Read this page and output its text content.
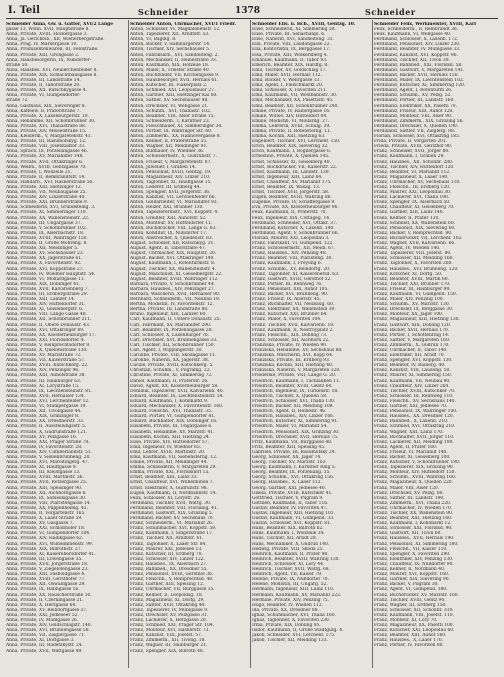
I. Teil	Schneider	1378	Schneider
Schneider Anna, Gw. u. Gatter, XVI/2 Lange
gasse 13, Wohn. XVII, Hauptstraße 8.
Anna, Private, XVIII, Hockergasse 3.
Anna, Ja. Gerichtsb., XII, Wienerbergstraße.
Anna, Prag. IV, Marxergasse 10.
Anna, Produzentenwaren, III, Feldstraße.
Anna, Private, XIII, Grohgasse 2.
Anna, Hausbesorgerin, IX, Nußdorfer-
straße 50.
Anna, Hausbes. XVI, Neulerchenfelder 8.
Anna, Private, XIX, Schlachthausgasse 8.
Anna, Private, III, Landstraße 14.
Anna, Private, II, Taborstraße 20.
Anna, Private, XII, Ratschkygasse 4.
Anna, Private, VI, Gumpendorfer-
straße 72.
Anna, Gasthaus, XIX, Sieveringer 8.
Anna, Kaffeew. II, Praterstraße 7.
Anna, Private, X, Laxenburgerstr. 10.
Anna, Hebamme, XII, Schönbrunner 30.
Anna, Private, XVI, Thaliastraße 88.
Anna, Private, XIV, Meiselstraße 15.
Anna, Kleiderm., V, Margaretenstr. 41.
Anna, Private, III, Rasumofskyg. 12.
Anna, Private, VIII, Josefstädter 33.
Anna, Sprach. IX, Porzellangasse 46.
Anna, Private, XV, Mariahilfer 148.
Anna, Private, XVII, Ottakringer 6.
Anna, Weißn., XVIII, Gentzgasse 70.
Anna, Private, I, Wollzeile 21.
Anna, Private, II, Rembrandtstr. 14.
Anna, Handarb., XVI, Hasnerstraße 56.
Anna, Private, XIII, Hietzinger 12.
Anna, Private, VII, Neubaugasse 25.
Anna, Private, XIV, Linzerstraße 40.
Anna, Private, XXI, Brünnerstraße 9.
Anna, Schneiderin, XVI, Grundsteing. 3.
Anna, Private, XI, Simmeringer 110.
Anna, Private, XX, Wallensteinstr. 22.
Anna, Private, III, Ungargasse 37.
Anna, Private, V, Schönbrunner 102.
Anna, Private, IX, Alserbachstr. 18.
Anna, Private, XVIII, Währinger 150.
Anna, Private, II, Große Mohreng. 8.
Anna, Private, XII, Meidlinger 5.
Anna, Private, XV, Sechshauser 23.
Anna, Private, XX, Jägerstraße 61.
Anna, Private, X, Favoritenstr. 92.
Anna, Private, XVI, Koppstraße 27.
Anna, Private, IV, Wiedner Hauptstr. 54.
Anna, Private, VI, Mollardgasse 11.
Anna, Private, XIX, Döblinger 41.
Anna, Private, XVII, Kalvarienberg 7.
Anna, Private, III, Erdbergstraße 29.
Anna, Private, XIII, Lainzer 14.
Anna, Private, XIV, Hütteldorfer 31.
Anna, Private, XI, Geiselbergstr. 6.
Anna, Private, VIII, Lange Gasse 48.
Anna, Private, XII, Schönbrunner 211.
Anna, Private, II, Obere Donaustr. 43.
Anna, Private, XVI, Ottakringer 89.
Anna, Private, XX, Klosterneuburger 17.
Anna, Private, XXI, Floridsdorfer 4.
Anna, Private, V, Reinprechtsdorfer 9.
Anna, Private, X, Quellenstraße 130.
Anna, Private, XV, Märzstraße 72.
Anna, Private, VII, Kaiserstraße 57.
Anna, Private, XVIII, Kutschkerg. 22.
Anna, Private, XIV, Penzinger 96.
Anna, Private, XIII, Auhofstraße 38.
Anna, Private, III, Hainburger 63.
Anna, Private, XI, Lorystraße 15.
Anna, Private, IX, Liechtensteinstr. 81.
Anna, Private, XVII, Hernalser 134.
Anna, Private, XVI, Lerchenfelder 12.
Anna, Private, VI, Stumpergasse 19.
Anna, Private, XII, Tivoligasse 44.
Anna, Private, XIX, Grinzinger 8.
Anna, Private, XX, Dresdnerstr. 33.
Anna, Private, II, Ausstellungsstr. 5.
Anna, Private, X, Gudrunstraße 121.
Anna, Private, XV, Pelzgasse 16.
Anna, Private, XXI, Prager Straße 70.
Anna, Private, IV, Favoritenstr. 28.
Anna, Private, XIV, Cumberlandstr. 51.
Anna, Private, V, Siebenbrunneng. 20.
Anna, Private, XVI, Maroltingerg. 47.
Anna, Private, XI, Hauffgasse 9.
Anna, Private, III, Kleistgasse 13.
Anna, Private, XVIII, Martinstr. 36.
Anna, Private, XVII, Rötzergasse 25.
Anna, Private, XIII, Speisinger 90.
Anna, Private, XII, Aichhorngasse 8.
Anna, Private, IX, Sobieskigasse 30.
Anna, Private, VIII, Piaristengasse 14.
Anna, Private, XX, Pappenheimg. 42.
Anna, Private, II, Vorgartenstr. 165.
Anna, Private, X, Laaer Straße 59.
Anna, Private, XV, Gasgasse 7.
Anna, Private, XXI, Schloßhofer 18.
Anna, Private, VI, Gumpendorfer 104.
Anna, Private, XIV, Hadikgasse 62.
Anna, Private, XVI, Wilhelminenstr. 99.
Anna, Private, XIX, Billrothstr. 27.
Anna, Private, XI, Kaiserebersdorfer 41.
Anna, Private, III, Löwengasse 35.
Anna, Private, XVII, Jörgerstraße 18.
Anna, Private, V, Ziegelofengasse 23.
Anna, Private, XIII, Fasholdgasse 4.
Anna, Private, XVIII, Gersthofer 77.
Anna, Private, XII, Oswaldgasse 29.
Anna, Private, IX, Hahngasse 16.
Anna, Private, XX, Rauscherstraße 10.
Anna, Private, II, Czerningasse 21.
Anna, Private, X, Herzgasse 64.
Anna, Private, XV, Reindorfgasse 37.
Anna, Private, XXI, Jedleseer 52.
Anna, Private, IV, Mühlgasse 26.
Anna, Private, XIV, Goldschlagstr. 140.
Anna, Private, XVI, Brunnengasse 58.
Anna, Private, VII, Zieglergasse 71.
Anna, Private, XI, Dorfgasse 3.
Anna, Private, III, Radetzkystr. 24.
Anna, Private, XVII, Wattgasse 49.
Schneider Anton, Uhrmacher, XVI/1 Friedr.
Anton, Schlosser, VI, Magdalenenstr. 12.
Anton, Tapezierer, XII, Arndtstr. 53.
Anton, VI, Bägdlg. 8.
Anton, Bäcker, V, Hamburgerstr. 14.
Anton, Tischler, XIV, Sechshauser 5.
Anton, Fabriksarb., XVI, Sandleiteng. 2.
Anton, Mechaniker, II, Heinestraße 33.
Anton, Kaufmann, XIX, Hofzeile 18.
Anton, Maler, X, Triester Straße 40.
Anton, Buchbinder, VII, Kirchengasse 9.
Anton, Hausbesorger, XVII, Hernals 61.
Anton, Kutscher, III, Fiakerplatz 2.
Anton, Schmied, XXI, Leopoldauer 27.
Anton, Gärtner, XIII, Hietzinger Kai 80.
Anton, Sattler, XV, Sechshauser 48.
Anton, Drechsler, VI, Webgasse 21.
Anton, Schuhm., XVI, Thaliastr. 102.
Anton, Beamter, VIII, Alser Straße 15.
Anton, Schneiderm., I, Kärntner 23.
Anton, Fleischhauer, XI, Simmeringer 34.
Anton, Portier, IX, Währinger Str. 60.
Anton, Zimmerm., XX, Hannovergasse 8.
Anton, Kellner, II, Praterstraße 55.
Anton, Wagner, XII, Meidlinger 91.
Anton, Bildhauer, IV, Wiedner 36.
Anton, Schlossermstr., X, Gudrunstr. 7.
Anton, Friseur, V, Margaretenstr. 87.
Anton, Juwelier, I, Graben 14.
Anton, Pensionist, XVIII, Gentzg. 19.
Anton, Magazineur, XIV, Linzer 210.
Anton, Taglöhner, XI, Hauffgasse 15.
Anton, Lederer, III, Erdberg 44.
Anton, Spengler, XVII, Jörgerstr. 36.
Anton, Kanzlist, VII, Lerchenfelder 66.
Anton, Goldarbeiter, VI, Mariahilfer 93.
Anton, Heizer, XXI, Brünner 130.
Anton, Tapezierermstr., XVI, Koppstr. 4.
Anton, Greißler, XIII, Auhofstr. 52.
Anton, Monteur, XV, Hütteldorfer 11.
Anton, Buchdrucker, VIII, Lange G. 63.
Anton, Konditor, IX, Nußdorfer 17.
Anton, Anstreicher, X, Quellenstr. 83.
August, Schlosser, XII, Ratschkyg. 31.
August, Agent, II, Taborstraße 47.
August, Uhrmacher, XIX, Hauptstr. 20.
August, Bäcker, XVI, Ottakringer 140.
August, Kaufmann, I, Rotenturmstr. 8.
August, Tischler, XX, Wallensteinstr. 4.
August, Maschinist, XI, Geiselbergstr. 22.
August, Beamter, XVIII, Währinger 112.
Barbara, Private, V, Schönbrunner 44.
Barbara, Hausbes., XIV, Penzinger 27.
Barbara, Wäscherin, XVII, Hernalser 90.
Bernhard, Schneiderm., VII, Neubau 19.
Bertha, Modistin, IV, Favoritenstr. 12.
Bertha, Private, III, Landstraße 88.
Bruno, Ingenieur, XIII, Lainzer 60.
Carl, Kaufmann, II, Untere Donaustr. 25.
Carl, Fabrikant, XV, Mariahilfer 200.
Carl, Beamter, IX, Porzellangasse 28.
Carl, Schlosser, X, Laxenburger 76.
Carl, Drechsler, XVI, Brunnengasse 33.
Carl, Tischler, XII, Schönbrunner 150.
Carl, Agent, I, Wipplingerstr. 30.
Caroline, Private, VIII, Skodagasse 11.
Caroline, Näherin, XX, Jägerstr. 38.
Cäcilie, Private, XVIII, Kutschkerg. 5.
Christian, Schuhm., V, Pilgramg. 22.
Christine, Private, XI, Simmering 72.
Daniel, Kaufmann, II, Praterstr. 26.
David, Agent, XX, Klosterneuburger 58.
Dominik, Tapezierer, XVII, Kalvarienb. 40.
Eduard, Beamter, IX, Liechtensteinstr. 54.
Eduard, Kaufmann, I, Kohlmarkt 9.
Eduard, Mechaniker, X, Favoritenstr. 160.
Eduard, Fleischh., XVI, Thaliastr. 35.
Eduard, Portier, VI, Gumpendorfer 81.
Eduard, Buchhalter, XIX, Döblinger 16.
Elisabeth, Private, III, Ungargasse 6.
Elisabeth, Hebamme, XV, Märzstr. 41.
Elisabeth, Köchin, XIII, Hietzing 24.
Elise, Private, XIV, Hütteldorfer 57.
Emil, Ingenieur, IV, Wiedner 65.
Emil, Lehrer, XVIII, Martinstr. 20.
Emil, Kaufmann, VII, Siebensterng. 12.
Emilie, Private, XII, Meidlinger 44.
Emma, Schneiderin, V, Margareten 29.
Emma, Private, XXI, Floridsdorf 15.
Ernst, Beamter, XIII, Lainz 33.
Ernst, Chauffeur, XVI, Wilhelminen 7.
Ernst, Elektriker, X, Gudrunstr. 98.
Eugen, Kaufmann, II, Nordbahnstr. 14.
Felix, Schlosser, XI, Lorystr. 26.
Ferdinand, Tischler, XVII, Wattg. 30.
Ferdinand, Beamter, VIII, Florianig. 41.
Ferdinand, Gastwirt, XIX, Grinzing 5.
Ferdinand, Bäcker, XV, Sechshaus 70.
Franz, Schneiderm., VI, Mariahilf 26.
Franz, Schuhmacher, XVI, Koppstr. 59.
Franz, Kaufmann, I, Singerstraße 17.
Franz, Tischler, XII, Arndtstr. 61.
Franz, Taglöhner, X, Laaer Str. 84.
Franz, Maurer, XXI, Jedlesee 13.
Franz, Kutscher, III, Erdberg 70.
Franz, Schlosser, XIV, Linzer 122.
Franz, Hausbes., IX, Alserbach 27.
Franz, Bahnbed., XX, Dresdner 55.
Franz, Pensionist, XVIII, Gersthof 36.
Franz, Fleischh., V, Reinprechtsd. 48.
Franz, Gärtner, XIII, Speising 12.
Franz, Uhrmacher, VII, Burggasse 35.
Franz, Kellner, II, Leopoldsg. 18.
Franz, Magazineur, XI, Dorfg. 29.
Franz, Sattler, XVII, Ottakring 44.
Franz, Tapezierer, IV, Mühlgasse 9.
Franz, Drechsler, XV, Pelzgasse 31.
Franz, Lackierer, X, Herzgasse 20.
Franz, Schmied, XXI, Prager Str. 104.
Franz, Monteur, XVI, Hasnerstr. 73.
Franz, Kanzlist, VIII, Josefst. 57.
Franz, Zimmerm., XII, Tivolig. 18.
Franz, Wagner, III, Hainburger 21.
Franz, Spengler, XIX, Billroth 48.
Schneider Elis. u. Hcb., XVIII, Gentzg. 10.
Elise, Schneiderin, XI, Simmering 59.
Elise, Private, III, Sebastianpl. 6.
Elise, Näherin, XVI, Sandleiteng. 31.
Ella, Private, VIII, Laudongasse 22.
Ella, Kontoristin, IX, Berggasse 17.
Elsa, Private, XIII, Wolkersberg 4.
Emanuel, Kaufmann, II, Tabor 93.
Emerich, Beamter, XIX, Hardtg. 8.
Emil, Tischler, XV, Goldschlag 17.
Emil, Maler, XVII, Hernals 112.
Emil, Bäcker, V, Wehrgasse 13.
Emil, Agent, I, Fleischmarkt 20.
Emil, Schlosser, X, Favoriten 211.
Emil, Kaufmann, VII, Westbahnstr. 30.
Emil, Mechaniker, XX, Pasettistr. 45.
Emil, Beamter, XII, Schönbrunner 240.
Emilie, Private, IV, Rainergasse 16.
Emilie, Witwe, XIV, Hütteldorf 84.
Emilie, Modistin, VI, Mollardg. 27.
Emma, Lehrerin, XVIII, Schulg. 39.
Emma, Private, II, Rotensterng. 11.
Emma, Köchin, XIII, Hietzing 63.
Engelbert, Tischler, XVI, Lerchenf. 150.
Erich, Beamter, XIX, Sievering 32.
Erich, Kaufmann, I, Bognergasse 6.
Ernestine, Private, X, Quellen 145.
Ernst, Schlosser, XI, Geiselberg 40.
Ernst, Buchdrucker, VII, Kaiserstr. 22.
Ernst, Kaufmann, III, Landstr. 130.
Ernst, Ingenieur, XIII, Lainz 84.
Ernst, Chauffeur, XV, Mariahilf 175.
Ernst, Beamter, IX, Wasag. 13.
Ernst, Tischler, XVII, Jörgerstr. 58.
Eugen, Beamter, XVIII, Währing 88.
Eugenie, Private, IV, Schäffergasse 9.
Eva, Private, XX, Klosterneuburger 96.
Felix, Kaufmann, II, Praterstr. 70.
Felix, Ingenieur, XIX, Cottageg. 14.
Ferdinand, Schneider, XVI, Ottakr. 37.
Ferdinand, Kutscher, X, Laxenb. 140.
Ferdinand, Agent, V, Schönbrunner 66.
Florian, Maurer, XXI, Leopoldau 3.
Franz, Fabrikant, VI, Gumpend. 122.
Franz, Schlossermstr., XII, Meidl. 67.
Franz, Hausbes., XIV, Penzing 48.
Franz, Beamter, VIII, Piaristeng. 30.
Franz, Kaufmann, I, Freyung 6.
Franz, Schuhm., XV, Reindorfg. 20.
Franz, Taglöhner, XI, Kaiserebersd. 63.
Franz, Gastwirt, XVIII, Gersthof 52.
Franz, Portier, III, Rennweg 76.
Franz, Pensionist, XIII, Auhof 105.
Franz, Bäcker, XVI, Brunneng. 90.
Franz, Friseur, IX, Alserstr. 45.
Franz, Buchhalter, VII, Neubaug. 60.
Franz, Elektriker, XX, Wallenstein 30.
Franz, Kutscher, XXI, Brünner 64.
Franz, Maler, X, Favoriten 104.
Franz, Tischler, XVII, Kalvarienb. 19.
Franz, Kaufmann, II, Nestroyplatz 2.
Franz, Fleischh., XIX, Döbling 73.
Franz, Schlosser, XII, Aichhorn 22.
Franziska, Private, IV, Wieden 90.
Franziska, Hebamme, XV, Sechshaus 88.
Franziska, Wäscherin, XVI, Kopp 64.
Franziska, Private, III, Erdberg 93.
Franziska, Köchin, XIII, Hietzing 40.
Franziska, Näherin, V, Margareten 120.
Friederike, Private, VIII, Lange G. 20.
Friedrich, Kaufmann, I, Tuchlauben 11.
Friedrich, Beamter, XVIII, Gentz 64.
Friedrich, Ingenieur, IX, Türkenstr. 18.
Friedrich, Tischler, X, Quellen 58.
Friedrich, Schlosser, XVI, Thalia 130.
Friedrich, Bäcker, XII, Meidling 108.
Friedrich, Agent, II, Heinestr. 46.
Friedrich, Hausbes., XIV, Linzer 166.
Friedrich, Kutscher, XI, Simmering 91.
Friedrich, Maler, VI, Mariahilf 54.
Friedrich, Pensionist, XIX, Grinzing 30.
Friedrich, Drechsler, XVII, Hernals 75.
Fritz, Kaufmann, VII, Burggasse 48.
Fritz, Beamter, XIII, Speising 45.
Gabriele, Private, III, Rasumofsky 24.
Georg, Schlosser, XX, Jäger 74.
Georg, Tischler, XV, Märzstr. 103.
Georg, Kaufmann, I, Kärntner Ring 5.
Georg, Beamter, IX, Porzellang. 55.
Georg, Schuhm., XVI, Ottakring 156.
Georg, Hausbes., X, Laaer 112.
Georg, Gärtner, XXI, Jedlesee 40.
Gisela, Private, XVIII, Kutschker 41.
Gottfried, Tischler, V, Pilgram 9.
Gottlieb, Kaufmann, II, Tabor 116.
Gustav, Beamter, IV, Favoriten 47.
Gustav, Ingenieur, XIII, Hietzing 101.
Gustav, Kaufmann, VI, Gumpend. 33.
Gustav, Schlosser, XVI, Koppstr. 81.
Hans, Beamter, XIX, Billroth 62.
Hans, Kaufmann, I, Wollzeile 34.
Hans, Tischler, XII, Arndt 28.
Hans, Mechaniker, X, Gudrun 140.
Hedwig, Private, VIII, Skoda 25.
Heinrich, Kaufmann, II, Prater 98.
Heinrich, Beamter, XVIII, Währing 130.
Heinrich, Schlosser, XI, Lory 44.
Heinrich, Tischler, XVII, Wattg. 68.
Heinrich, Agent, VII, Kaiser 79.
Helene, Private, IX, Nußdorfer 70.
Helene, Modistin, III, Ungarg. 52.
Hermann, Ingenieur, XIII, Lainz 110.
Hermann, Kaufmann, XV, Mariahilf 222.
Hermine, Private, XIV, Penzing 75.
Hugo, Beamter, IV, Wieden 112.
Ida, Private, XX, Dresdner 88.
Ignaz, Schuhmacher, XVI, Thalia 160.
Ignaz, Taglöhner, X, Favoriten 230.
Irma, Private, XIX, Döbling 95.
Isidor, Kaufmann, II, Große Stadtgutg. 4.
Jakob, Schneider, XVI, Lerchenf. 175.
Jakob, Tischler, XII, Meidling 133.
Schneider Felix, Werkmeister, XVIII, Karl
Felix, Schneiderm., II, Rembrandt 36.
Felix, Kaufmann, VI, Webgasse 40.
Ferdinand, Schlosser, X, Laxenb. 172.
Ferdinand, Pensionist, XIV, Linzer 230.
Ferdinand, Beamter, IV, Mühlgasse 33.
Ferdinand, Kanzlist, XVI, Koppstr. 96.
Ferdinand, Tischler, XII, Tivoli 39.
Ferdinand, Bahnbed., XXI, Floridsd. 58.
Ferdinand, Gastwirt, V, Margareten 141.
Ferdinand, Bäcker, XVII, Hernals 150.
Ferdinand, Maler, IX, Liechtenstein 102.
Ferdinand, Kutscher, XI, Simmering 120.
Ferdinand, Agent, I, Rotenturm 26.
Ferdinand, Schuhm., XV, Pelzg. 52.
Ferdinand, Portier, III, Landstr. 160.
Ferdinand, Elektriker, XX, Pasetti 70.
Ferdinand, Friseur, XIII, Auhof 128.
Ferdinand, Monteur, VIII, Alser 90.
Ferdinand, Zimmerm., XIX, Grinzing 56.
Ferdinand, Drechsler, X, Quellen 190.
Ferdinand, Sattler, VII, Zieglerg. 88.
Florian, Schlosser, XVI, Ottakring 185.
Frida, Private, II, Vorgarten 201.
Frieda, Private, XVIII, Gersthof 90.
Franz, Schneider, XVII, Jörger 80.
Franz, Kaufmann, I, Graben 29.
Franz, Hausbes., XII, Schönbr. 280.
Franz, Tischler, XIV, Hütteldorf 120.
Franz, Beamter, VI, Mariahilf 112.
Franz, Magazineur, X, Laaer 140.
Franz, Uhrmacher, XV, Sechshaus 110.
Franz, Fleischh., III, Erdberg 120.
Franz, Maurer, XXI, Leopoldau 30.
Franz, Lackierer, XVI, Thalia 190.
Franz, Spengler, IX, Alserbach 50.
Franz, Chauffeur, XI, Geiselberg 70.
Franz, Gärtner, XIII, Lainz 140.
Franz, Kellner, II, Prater 130.
Franz, Schmied, XX, Wallenstein 60.
Franz, Pensionist, XIX, Sievering 60.
Franz, Bäcker, V, Reinprechtsd. 80.
Franz, Buchdrucker, VII, Lerchenf. 102.
Franz, Wagner, XVII, Kalvarienb. 66.
Franz, Agent, IV, Wieden 140.
Franz, Tapezierer, VIII, Josefst. 80.
Franz, Schlosser, XII, Meidling 160.
Franz, Taglöhner, X, Favoriten 260.
Franz, Hausbes., XVI, Brunneng. 120.
Franz, Kutscher, XI, Dorfg. 50.
Franz, Beamter, XVIII, Martin 60.
Franz, Tischler, XXI, Brünner 170.
Franz, Friseur, III, Hainburger 90.
Franz, Kaufmann, VI, Gumpend. 150.
Franz, Maler, XIV, Penzing 100.
Franz, Schuhm., XV, Märzstr. 130.
Franz, Drechsler, IX, Berggasse 30.
Franz, Monteur, XX, Jäger 100.
Franz, Magazineur, XIII, Hietzing 130.
Franz, Gastwirt, XIX, Döbling 120.
Franz, Bäcker, XVII, Hernals 170.
Franz, Portier, I, Schottenring 14.
Franz, Sattler, V, Margareten 160.
Franz, Zimmerm., X, Gudrun 170.
Franz, Uhrmacher, II, Tabor 140.
Franz, Elektriker, XII, Arndt 70.
Franz, Spengler, XVI, Koppstr. 130.
Franz, Beamter, IV, Rainerg. 40.
Franz, Kanzlist, VIII, Laudong. 50.
Franz, Maurer, XI, Simmering 150.
Franz, Kaufmann, VII, Neubau 90.
Franz, Chauffeur, XIV, Linzer 260.
Franz, Tischler, XVIII, Kutschker 70.
Franz, Schlosser, III, Rennweg 110.
Franz, Fleischh., XV, Sechshaus 140.
Franz, Gärtner, XXI, Jedlesee 70.
Franz, Pensionist, IX, Währinger 100.
Franz, Hausbes., XX, Dresdner 120.
Franz, Bahnbed., X, Laxenb. 210.
Franz, Schmied, XVI, Ottakring 210.
Franz, Wagner, XIII, Lainz 170.
Franz, Buchhalter, XVII, Jörger 110.
Franz, Lackierer, XII, Meidling 190.
Franz, Agent, II, Prater 160.
Franz, Friseur, VI, Mariahilf 140.
Franz, Bäcker, XI, Geiselberg 100.
Franz, Kutscher, V, Schönbrunner 190.
Franz, Tapezierer, XIX, Grinzing 90.
Franz, Monteur, XIV, Hütteldorf 150.
Franz, Schuhm., XVIII, Währing 160.
Franz, Magazineur, X, Quellen 220.
Franz, Maler, VIII, Alser 120.
Franz, Drechsler, XV, Pelzg. 80.
Franz, Sattler, III, Landstr. 190.
Franz, Zimmerm., XVI, Thalia 220.
Franz, Uhrmacher, IV, Wieden 170.
Franz, Tischler, XX, Wallenstein 90.
Franz, Beamter, XIII, Hietzing 160.
Franz, Kaufmann, I, Kohlmarkt 12.
Franz, Schlosser, XXI, Floridsd. 90.
Franz, Gastwirt, XII, Tivoli 60.
Franz, Hausbes., XVII, Hernals 190.
Franz, Pensionist, XI, Simmering 180.
Franz, Fleischh., VII, Kaiser 110.
Franz, Spengler, X, Favoriten 290.
Franz, Elektriker, XIV, Penzing 130.
Franz, Chauffeur, IX, Nußdorfer 90.
Franz, Kellner, II, Nordbahn 40.
Franz, Maurer, XVI, Koppstr. 160.
Franz, Gärtner, XIX, Sievering 90.
Franz, Bäcker, V, Pilgram 30.
Franz, Agent, VI, Gumpend. 180.
Franz, Buchdrucker, XV, Märzstr. 160.
Franz, Tischler, XVIII, Gentz 90.
Franz, Wagner, III, Erdberg 150.
Franz, Schlosser, XII, Schönbr. 310.
Franz, Kaufmann, VIII, Josefst. 110.
Franz, Monteur, XI, Lory 70.
Franz, Magazineur, XX, Pasetti 100.
Franz, Kutscher, XXI, Leopoldau 60.
Franz, Beamter, XIII, Auhof 160.
Franz, Hausbes., X, Laaer 170.
Franz, Portier, IV, Favoriten 80.
